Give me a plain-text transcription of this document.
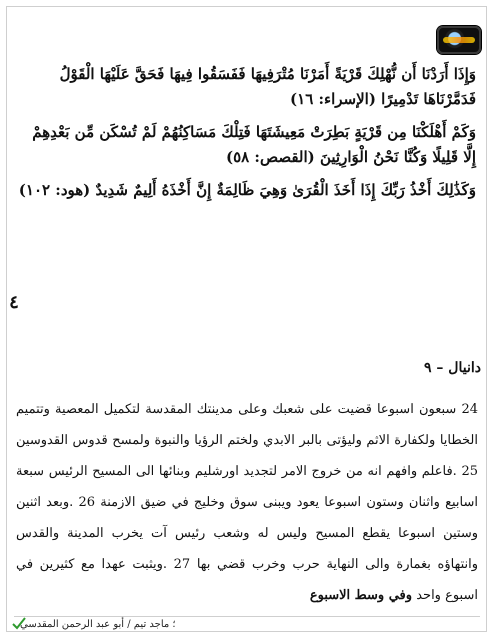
وَإِذَا أَرَدْنَا أَن نُّهْلِكَ قَرْيَةً أَمَرْنَا مُتْرَفِيهَا فَفَسَقُوا فِيهَا فَحَقَّ عَلَيْهَا الْقَوْلُ فَدَمَّرْنَاهَا تَدْمِيرًا (الإسراء: ١٦)

وَكَمْ أَهْلَكْنَا مِن قَرْيَةٍ بَطِرَتْ مَعِيشَتَهَا فَتِلْكَ مَسَاكِنُهُمْ لَمْ تُسْكَن مِّن بَعْدِهِمْ إِلَّا قَلِيلًا وَكُنَّا نَحْنُ الْوَارِثِينَ (القصص: ٥٨)

وَكَذَٰلِكَ أَخْذُ رَبِّكَ إِذَا أَخَذَ الْقُرَىٰ وَهِيَ ظَالِمَةٌ إِنَّ أَخْذَهُ أَلِيمٌ شَدِيدٌ (هود: ١٠٢)

٤
دانيال – ٩
24 سبعون اسبوعا قضيت على شعبك وعلى مدينتك المقدسة لتكميل المعصية وتتميم الخطايا ولكفارة الاثم وليؤتى بالبر الابدي ولختم الرؤيا والنبوة ولمسح قدوس القدوسين 25 .فاعلم وافهم انه من خروج الامر لتجديد اورشليم وبنائها الى المسيح الرئيس سبعة اسابيع واثنان وستون اسبوعا يعود ويبنى سوق وخليج في ضيق الازمنة 26 .وبعد اثنين وستين اسبوعا يقطع المسيح وليس له وشعب رئيس آت يخرب المدينة والقدس وانتهاؤه بغمارة والى النهاية حرب وخرب قضي بها 27 .ويثبت عهدا مع كثيرين في اسبوع واحد وفي وسط الاسبوع
؛ ماجد تيم / أبو عبد الرحمن المقدسي
